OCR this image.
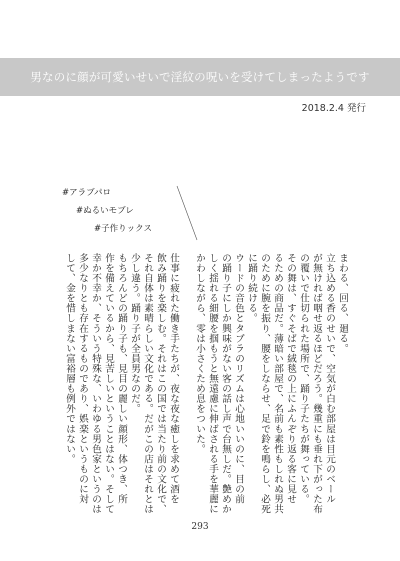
男なのに顔が可愛いせいで淫紋の呪いを受けてしまったようです
2018.2.4 発行
#アラブパロ
#ぬるいモブレ
#子作りックス
まわる、回る、廻る。
立ち込める香のせいで、空気が白む部屋は目元のベール
が無ければ咽せ返るほどだろう。幾重にも垂れ下がった布
の覆いで仕切られた場所で、踊り子たちが舞っている。
その舞は、すぐそばで絨毯の上にふんぞり返る客に見せ
るための商品だ。薄暗い部屋で、名前も素性もしれぬ男共
のために腕を振り、腰をしならせ、足で鈴を鳴らし、必死
に踊り続ける。
ウードの音色とタブラのリズムは心地いいのに、目の前
の踊り子にしか興味がない客の話し声で台無しだ。艶めか
しく揺れる細腰を掴もうと無遠慮に伸ばされる手を華麗に
かわしながら、零は小さくため息をついた。
仕事に疲れた働き手たちが、夜な夜な癒しを求めて酒を
飲み踊りを楽しむ。それはこの国では当たり前の文化で、
それ自体は素晴らしい文化である。だがこの店はそれとは
少し違う。踊り子が全員男なのだ。
もちろんどの踊り子も、見目の麗しい顔形、体つき、所
作を備えているから、見苦しいということはない。そして
幸か不幸か、そういう特殊な、いわゆる男色家というのは
多少なりとも存在するものであり、娯楽というものに対
して、金を惜しまない富裕層も例外ではない。
293
